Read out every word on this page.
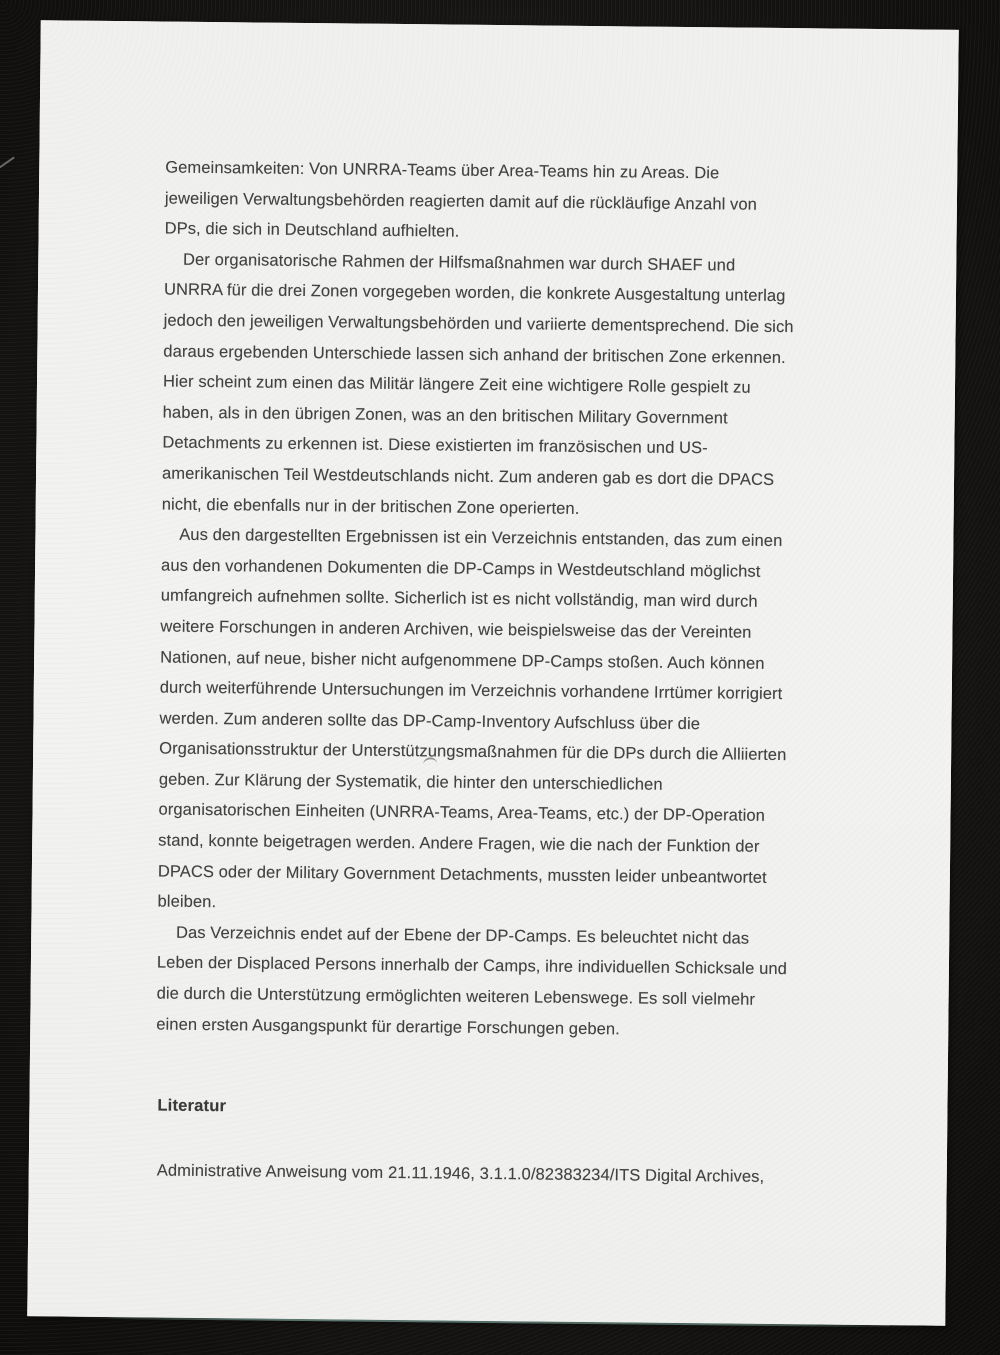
Gemeinsamkeiten: Von UNRRA-Teams über Area-Teams hin zu Areas. Die
jeweiligen Verwaltungsbehörden reagierten damit auf die rückläufige Anzahl von
DPs, die sich in Deutschland aufhielten.
Der organisatorische Rahmen der Hilfsmaßnahmen war durch SHAEF und
UNRRA für die drei Zonen vorgegeben worden, die konkrete Ausgestaltung unterlag
jedoch den jeweiligen Verwaltungsbehörden und variierte dementsprechend. Die sich
daraus ergebenden Unterschiede lassen sich anhand der britischen Zone erkennen.
Hier scheint zum einen das Militär längere Zeit eine wichtigere Rolle gespielt zu
haben, als in den übrigen Zonen, was an den britischen Military Government
Detachments zu erkennen ist. Diese existierten im französischen und US-
amerikanischen Teil Westdeutschlands nicht. Zum anderen gab es dort die DPACS
nicht, die ebenfalls nur in der britischen Zone operierten.
Aus den dargestellten Ergebnissen ist ein Verzeichnis entstanden, das zum einen
aus den vorhandenen Dokumenten die DP-Camps in Westdeutschland möglichst
umfangreich aufnehmen sollte. Sicherlich ist es nicht vollständig, man wird durch
weitere Forschungen in anderen Archiven, wie beispielsweise das der Vereinten
Nationen, auf neue, bisher nicht aufgenommene DP-Camps stoßen. Auch können
durch weiterführende Untersuchungen im Verzeichnis vorhandene Irrtümer korrigiert
werden. Zum anderen sollte das DP-Camp-Inventory Aufschluss über die
Organisationsstruktur der Unterstützungsmaßnahmen für die DPs durch die Alliierten
geben. Zur Klärung der Systematik, die hinter den unterschiedlichen
organisatorischen Einheiten (UNRRA-Teams, Area-Teams, etc.) der DP-Operation
stand, konnte beigetragen werden. Andere Fragen, wie die nach der Funktion der
DPACS oder der Military Government Detachments, mussten leider unbeantwortet
bleiben.
Das Verzeichnis endet auf der Ebene der DP-Camps. Es beleuchtet nicht das
Leben der Displaced Persons innerhalb der Camps, ihre individuellen Schicksale und
die durch die Unterstützung ermöglichten weiteren Lebenswege. Es soll vielmehr
einen ersten Ausgangspunkt für derartige Forschungen geben.
Literatur
Administrative Anweisung vom 21.11.1946, 3.1.1.0/82383234/ITS Digital Archives,
